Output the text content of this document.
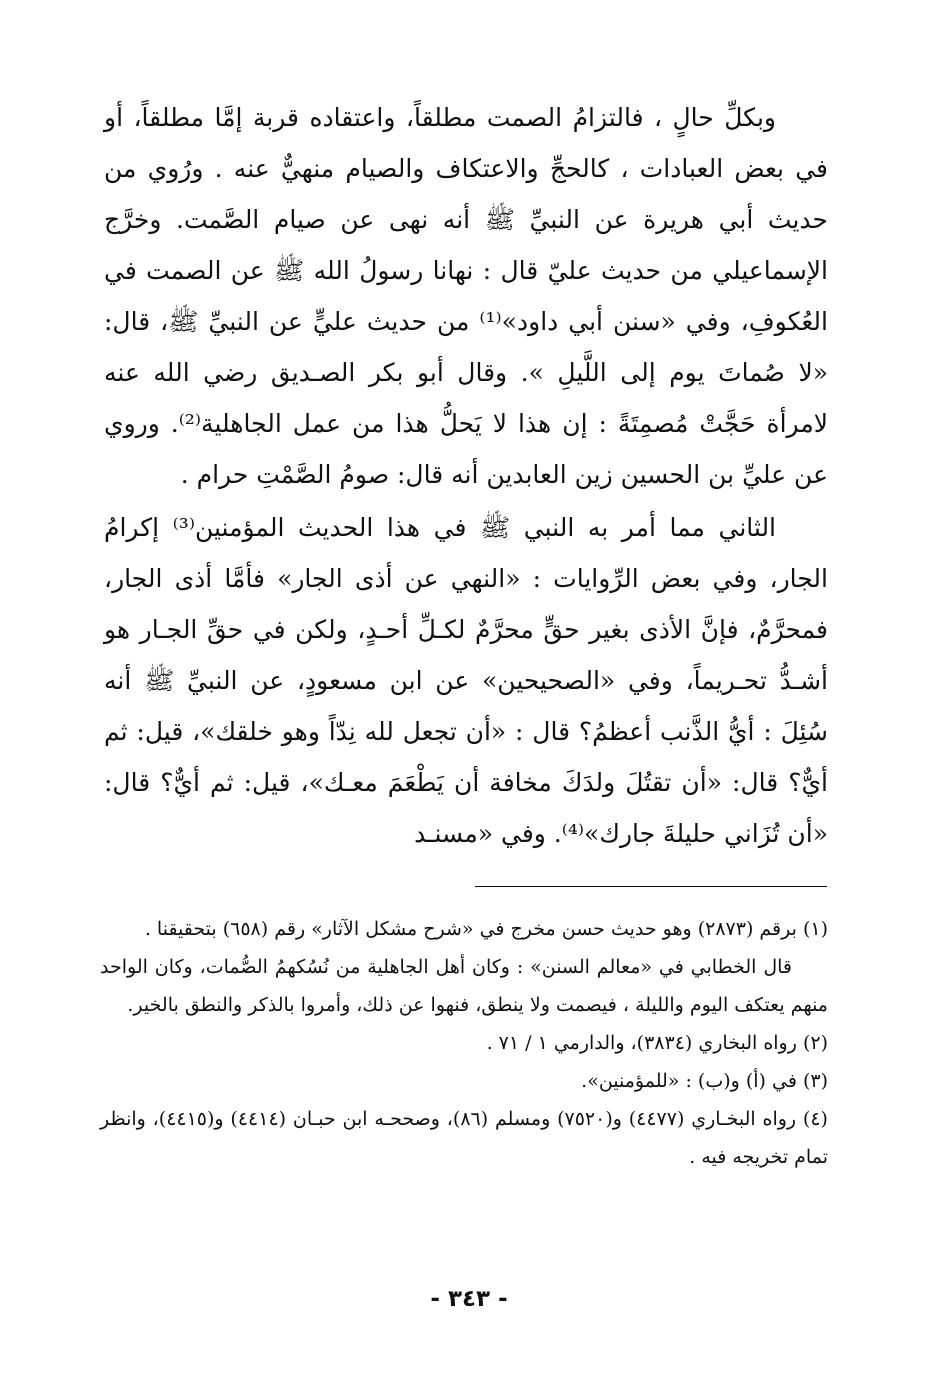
وبكلِّ حالٍ ، فالتزامُ الصمت مطلقاً، واعتقاده قربة إمَّا مطلقاً، أو في بعض العبادات ، كالحجِّ والاعتكاف والصيام منهيٌّ عنه . ورُوي من حديث أبي هريرة عن النبيِّ ﷺ أنه نهى عن صيام الصَّمت. وخرَّج الإسماعيلي من حديث عليّ قال : نهانا رسولُ الله ﷺ عن الصمت في العُكوفِ، وفي «سنن أبي داود»⁽¹⁾ من حديث عليٍّ عن النبيِّ ﷺ، قال: «لا صُماتَ يوم إلى اللَّيلِ ». وقال أبو بكر الصـديق رضي الله عنه لامرأة حَجَّتْ مُصمِتَةً : إن هذا لا يَحلُّ هذا من عمل الجاهلية⁽²⁾. وروي عن عليِّ بن الحسين زين العابدين أنه قال: صومُ الصَّمْتِ حرام .

الثاني مما أمر به النبي ﷺ في هذا الحديث المؤمنين⁽³⁾ إكرامُ الجار، وفي بعض الرِّوايات : «النهي عن أذى الجار» فأمَّا أذى الجار، فمحرَّمٌ، فإنَّ الأذى بغير حقٍّ محرَّمٌ لكـلِّ أحـدٍ، ولكن في حقِّ الجـار هو أشـدُّ تحـريماً، وفي «الصحيحين» عن ابن مسعودٍ، عن النبيِّ ﷺ أنه سُئِلَ : أيُّ الذَّنب أعظمُ؟ قال : «أن تجعل لله نِدّاً وهو خلقك»، قيل: ثم أيٌّ؟ قال: «أن تقتُلَ ولدَكَ مخافة أن يَطْعَمَ معـك»، قيل: ثم أيٌّ؟ قال: «أن تُزَاني حليلةَ جارك»⁽⁴⁾. وفي «مسنـد

(١) برقم (٢٨٧٣) وهو حديث حسن مخرج في «شرح مشكل الآثار» رقم (٦٥٨) بتحقيقنا .

قال الخطابي في «معالم السنن» : وكان أهل الجاهلية من نُسُكهمُ الصُّمات، وكان الواحد منهم يعتكف اليوم والليلة ، فيصمت ولا ينطق، فنهوا عن ذلك، وأمروا بالذكر والنطق بالخير.

(٢) رواه البخاري (٣٨٣٤)، والدارمي ١ / ٧١ .

(٣) في (أ) و(ب) : «للمؤمنين».

(٤) رواه البخـاري (٤٤٧٧) و(٧٥٢٠) ومسلم (٨٦)، وصححـه ابن حبـان (٤٤١٤) و(٤٤١٥)، وانظر تمام تخريجه فيه .

- ٣٤٣ -
